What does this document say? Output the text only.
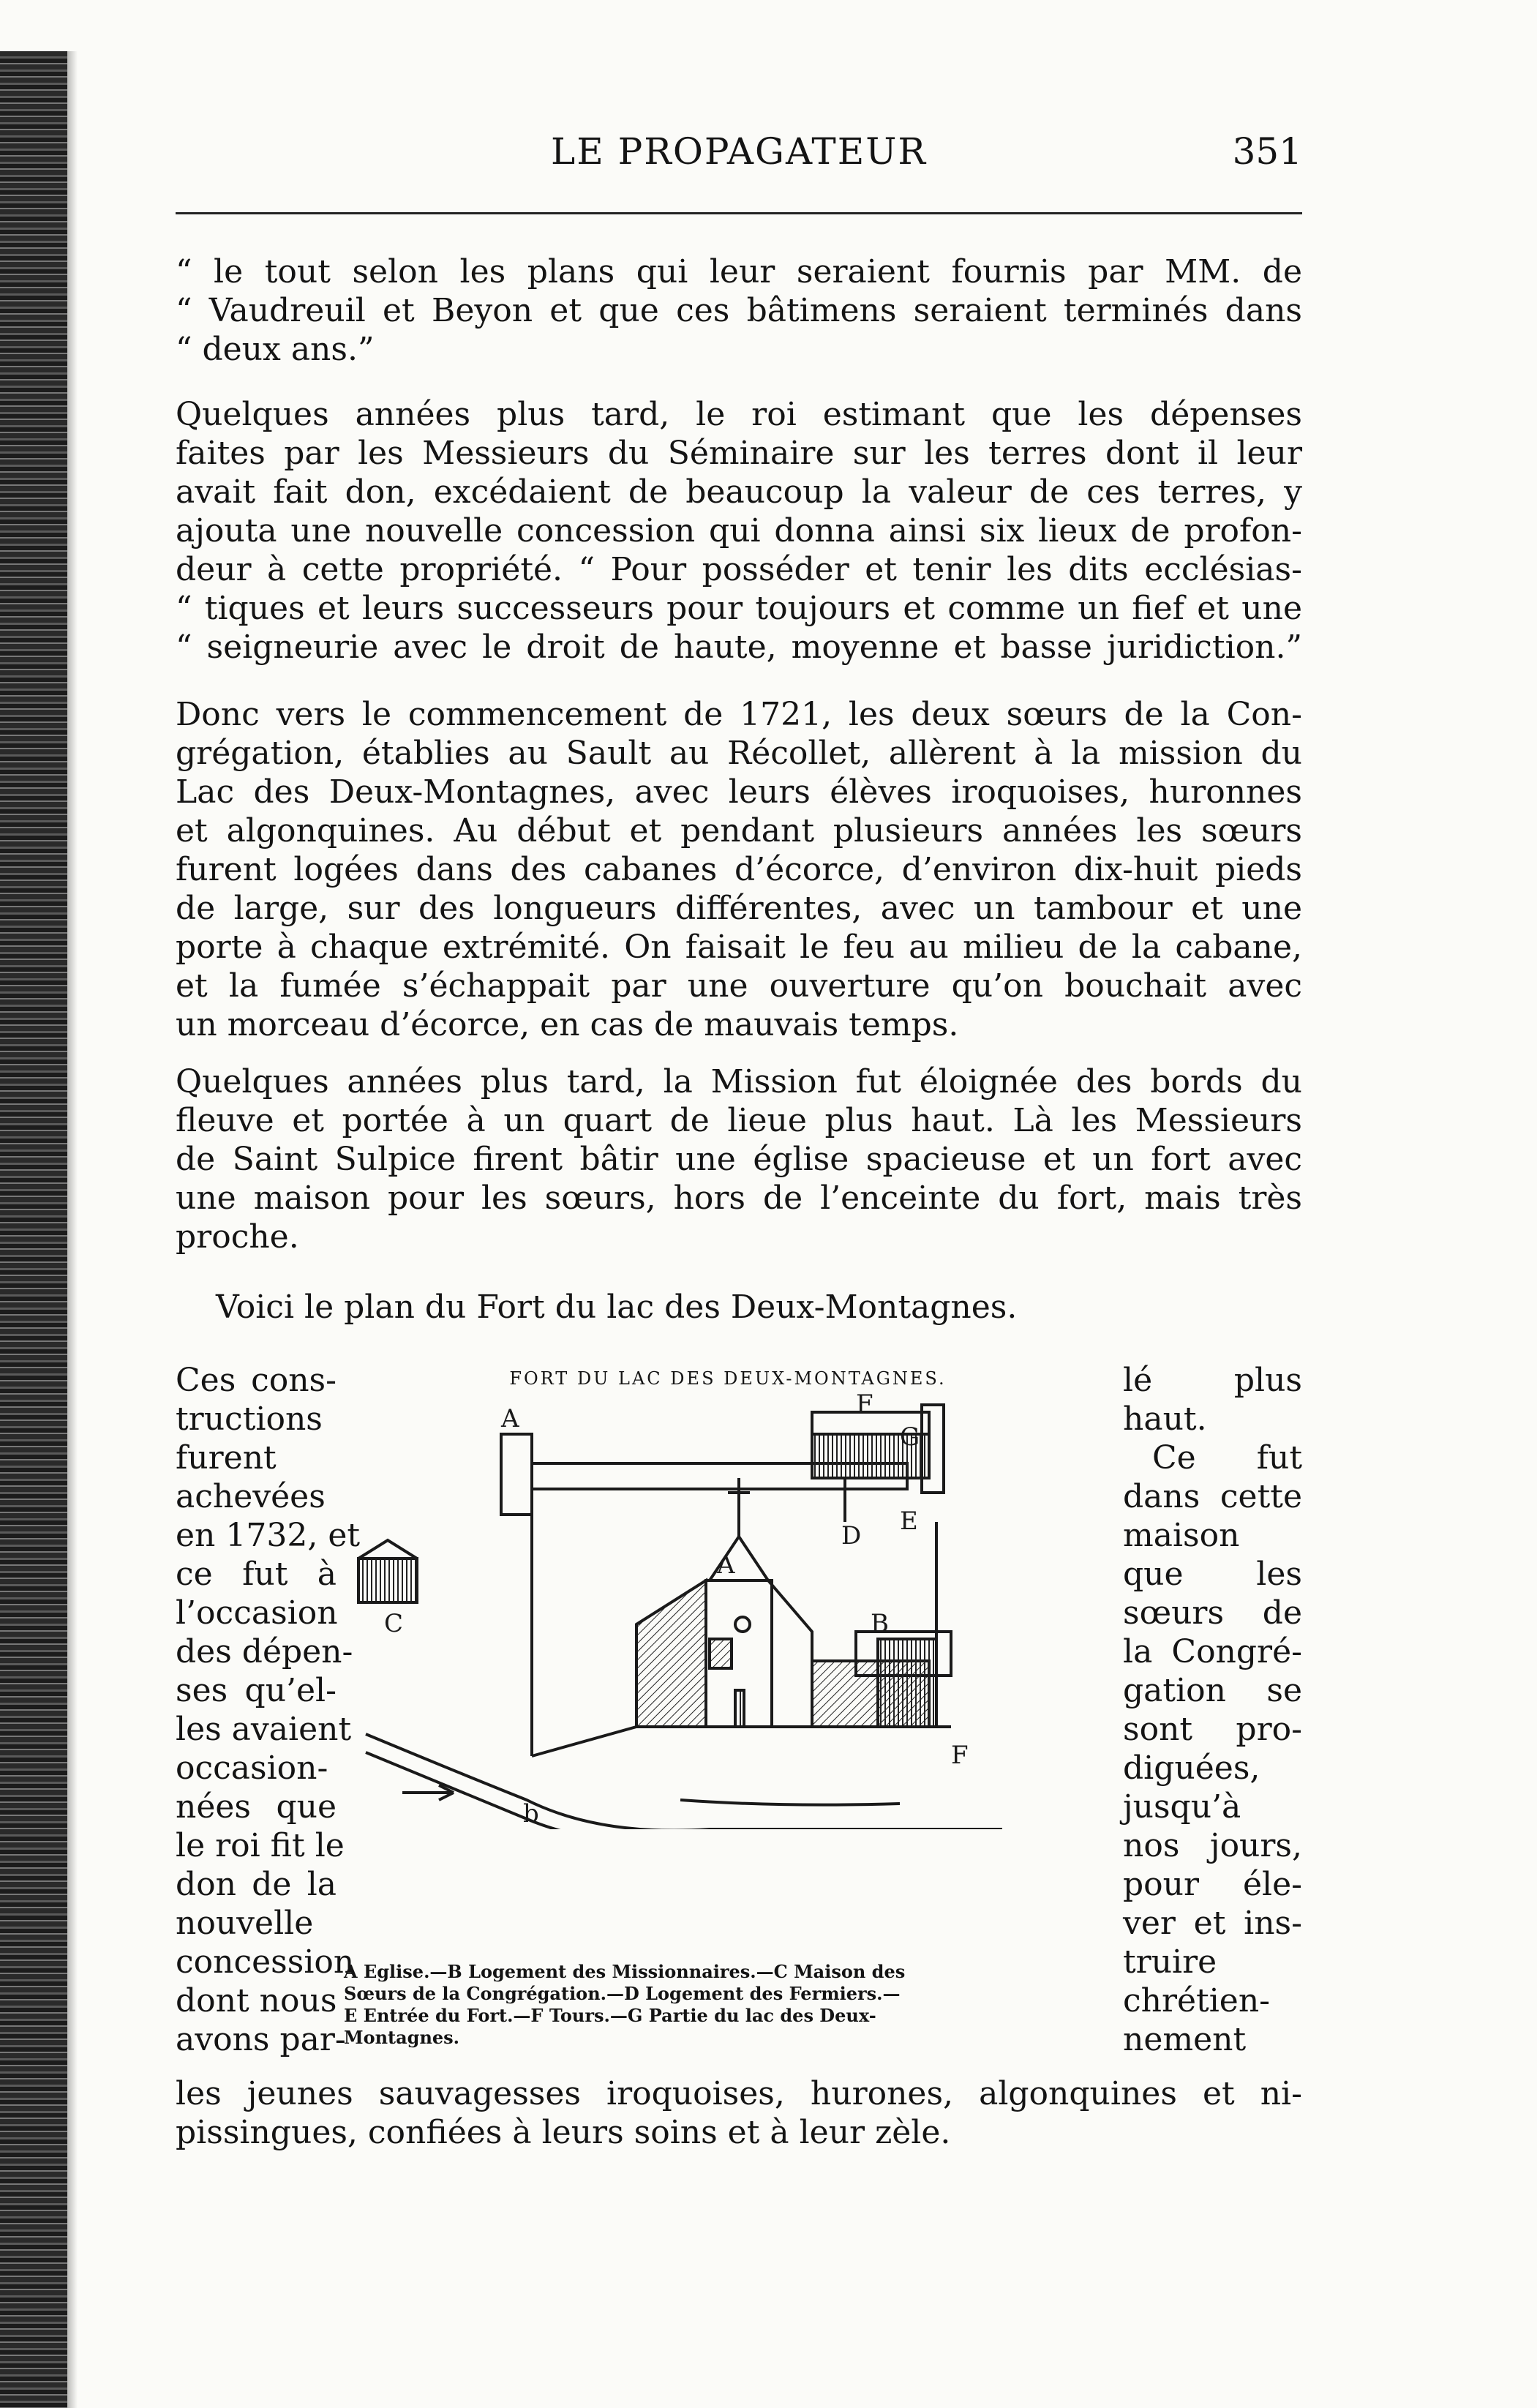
LE PROPAGATEUR	351
“ le tout selon les plans qui leur seraient fournis par MM. de
“ Vaudreuil et Beyon et que ces bâtimens seraient terminés dans
“ deux ans.”
Quelques années plus tard, le roi estimant que les dépenses
faites par les Messieurs du Séminaire sur les terres dont il leur
avait fait don, excédaient de beaucoup la valeur de ces terres, y
ajouta une nouvelle concession qui donna ainsi six lieux de profon-
deur à cette propriété. “ Pour posséder et tenir les dits ecclésias-
“ tiques et leurs successeurs pour toujours et comme un fief et une
“ seigneurie avec le droit de haute, moyenne et basse juridiction.”
Donc vers le commencement de 1721, les deux sœurs de la Con-
grégation, établies au Sault au Récollet, allèrent à la mission du
Lac des Deux-Montagnes, avec leurs élèves iroquoises, huronnes
et algonquines. Au début et pendant plusieurs années les sœurs
furent logées dans des cabanes d’écorce, d’environ dix-huit pieds
de large, sur des longueurs différentes, avec un tambour et une
porte à chaque extrémité. On faisait le feu au milieu de la cabane,
et la fumée s’échappait par une ouverture qu’on bouchait avec
un morceau d’écorce, en cas de mauvais temps.
Quelques années plus tard, la Mission fut éloignée des bords du
fleuve et portée à un quart de lieue plus haut. Là les Messieurs
de Saint Sulpice firent bâtir une église spacieuse et un fort avec
une maison pour les sœurs, hors de l’enceinte du fort, mais très
proche.
Voici le plan du Fort du lac des Deux-Montagnes.
Ces cons-
tructions
furent
achevées
en 1732, et
ce fut à
l’occasion
des dépen-
ses qu’el-
les avaient
occasion-
nées que
le roi fit le
don de la
nouvelle
concession
dont nous
avons par-
lé plus
haut.
Ce fut
dans cette
maison
que les
sœurs de
la Congré-
gation se
sont pro-
diguées,
jusqu’à
nos jours,
pour éle-
ver et ins-
truire
chrétien-
nement
FORT DU LAC DES DEUX-MONTAGNES.
A	F
G
D E
A
C	B
F
b
A Eglise.—B Logement des Missionnaires.—C Maison des
Sœurs de la Congrégation.—D Logement des Fermiers.—
E Entrée du Fort.—F Tours.—G Partie du lac des Deux-
Montagnes.
les jeunes sauvagesses iroquoises, hurones, algonquines et ni-
pissingues, confiées à leurs soins et à leur zèle.
